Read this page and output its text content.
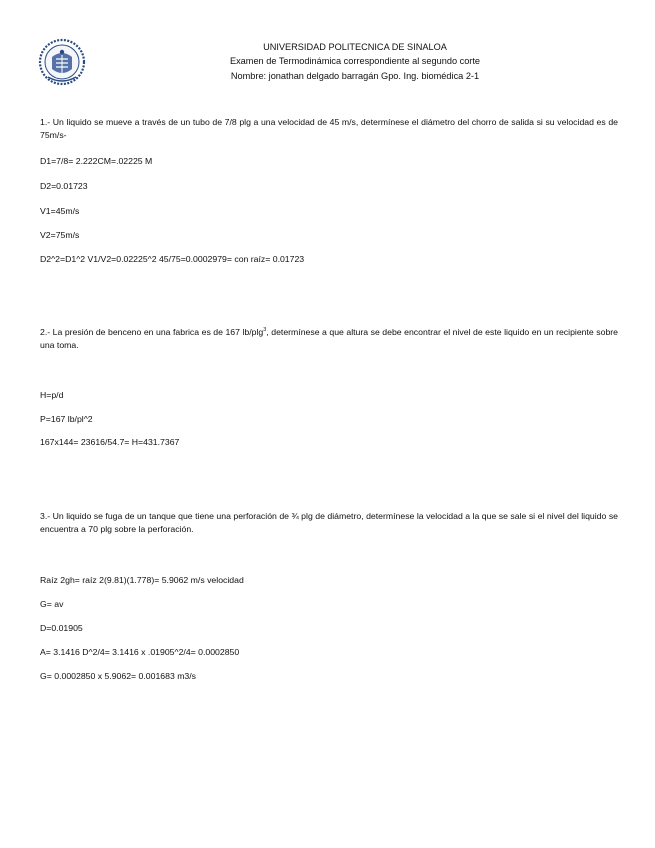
UNIVERSIDAD POLITECNICA DE SINALOA
Examen de Termodinámica correspondiente al segundo corte
Nombre: jonathan delgado barragán Gpo. Ing. biomédica 2-1
1.- Un liquido se mueve a través de un tubo de 7/8 plg a una velocidad de 45 m/s, determínese el diámetro del chorro de salida si su velocidad es de 75m/s-
D1=7/8= 2.222CM=.02225 M
D2=0.01723
V1=45m/s
V2=75m/s
D2^2=D1^2 V1/V2=0.02225^2 45/75=0.0002979= con raíz= 0.01723
2.- La presión de benceno en una fabrica es de 167 lb/plg$^3$, determínese a que altura se debe encontrar el nivel de este liquido en un recipiente sobre una toma.
H=p/d
P=167 lb/pl^2
167x144= 23616/54.7= H=431.7367
3.- Un liquido se fuga de un tanque que tiene una perforación de ¾ plg de diámetro, determínese la velocidad a la que se sale si el nivel del liquido se encuentra a 70 plg sobre la perforación.
Raíz 2gh= raíz 2(9.81)(1.778)= 5.9062 m/s velocidad
G= av
D=0.01905
A= 3.1416 D^2/4= 3.1416 x .01905^2/4= 0.0002850
G= 0.0002850 x 5.9062= 0.001683 m3/s
